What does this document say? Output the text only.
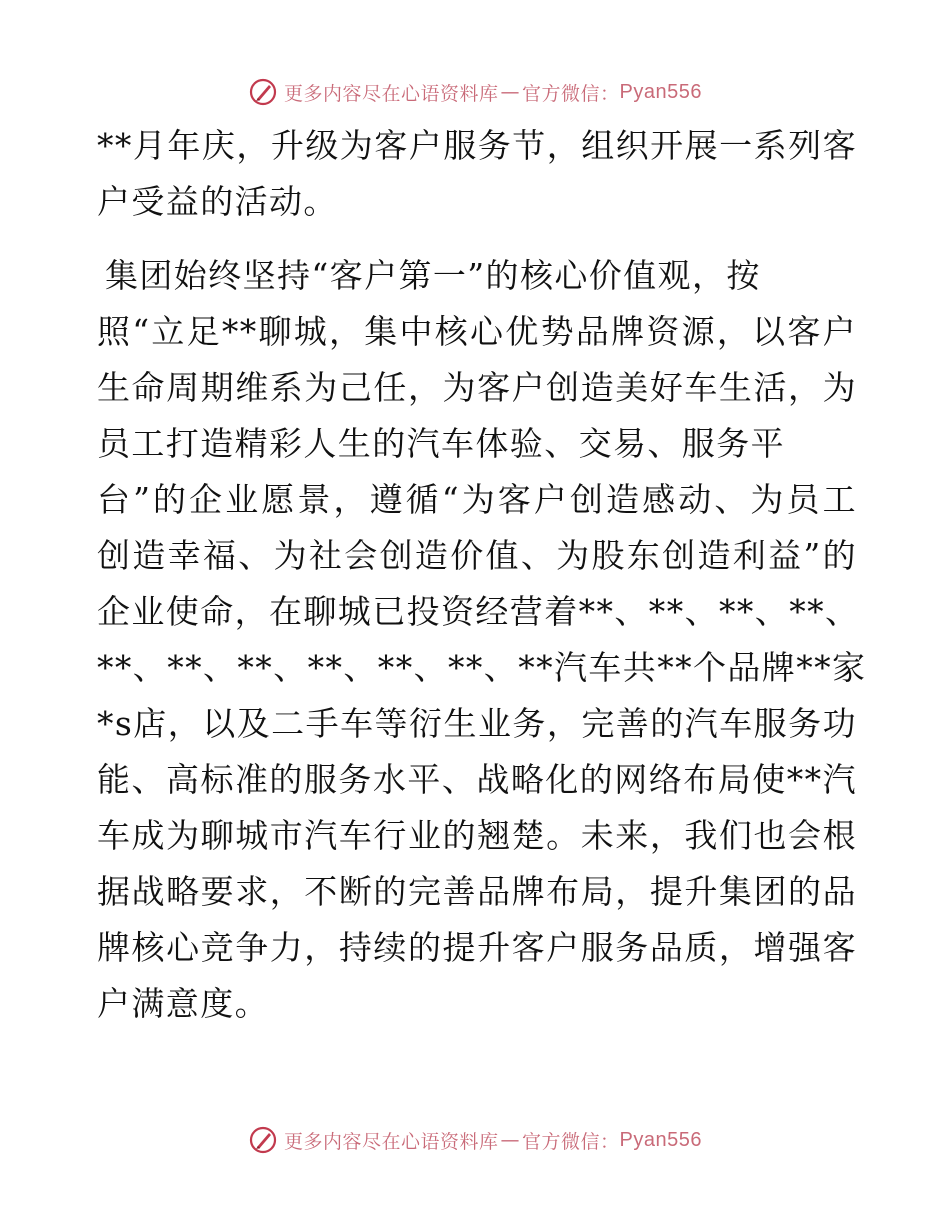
更多内容尽在心语资料库 — 官方微信： Pyan556
**月年庆，升级为客户服务节，组织开展一系列客
户受益的活动。
集团始终坚持“客户第一”的核心价值观，按
照“立足**聊城，集中核心优势品牌资源，以客户
生命周期维系为己任，为客户创造美好车生活，为
员工打造精彩人生的汽车体验、交易、服务平
台”的企业愿景，遵循“为客户创造感动、为员工
创造幸福、为社会创造价值、为股东创造利益”的
企业使命，在聊城已投资经营着**、**、**、**、
**、**、**、**、**、**、**汽车共**个品牌**家
*s店，以及二手车等衍生业务，完善的汽车服务功
能、高标准的服务水平、战略化的网络布局使**汽
车成为聊城市汽车行业的翘楚。未来，我们也会根
据战略要求，不断的完善品牌布局，提升集团的品
牌核心竞争力，持续的提升客户服务品质，增强客
户满意度。
更多内容尽在心语资料库 — 官方微信： Pyan556
